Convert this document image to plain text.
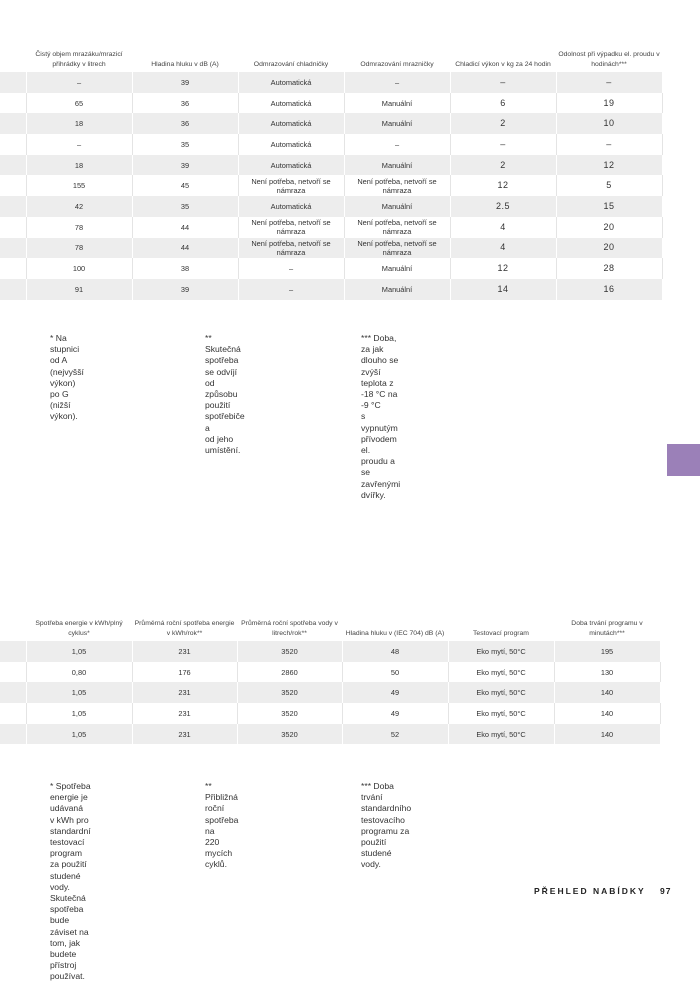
	Čistý objem mrazáku/mrazicí přihrádky v litrech	Hladina hluku v dB (A)	Odmrazování chladničky	Odmrazování mrazničky	Chladicí výkon v kg za 24 hodin	Odolnost při výpadku el. proudu v hodinách***
	–	39	Automatická	–	–	–
	65	36	Automatická	Manuální	6	19
	18	36	Automatická	Manuální	2	10
	–	35	Automatická	–	–	–
	18	39	Automatická	Manuální	2	12
	155	45	Není potřeba, netvoří se námraza	Není potřeba, netvoří se námraza	12	5
	42	35	Automatická	Manuální	2.5	15
	78	44	Není potřeba, netvoří se námraza	Není potřeba, netvoří se námraza	4	20
	78	44	Není potřeba, netvoří se námraza	Není potřeba, netvoří se námraza	4	20
	100	38	–	Manuální	12	28
	91	39	–	Manuální	14	16
* Na stupnici od A (nejvyšší
výkon) po G (nižší výkon).
** Skutečná spotřeba se odvíjí od
způsobu použití spotřebiče a
od jeho umístění.
*** Doba, za jak dlouho se zvýší
teplota z -18 °C na -9 °C
s vypnutým přívodem el.
proudu a se zavřenými
dvířky.
	Spotřeba energie v kWh/plný cyklus*	Průměrná roční spotřeba energie v kWh/rok**	Průměrná roční spotřeba vody v litrech/rok**	Hladina hluku v (IEC 704) dB (A)	Testovací program	Doba trvání programu v minutách***
	1,05	231	3520	48	Eko mytí, 50°C	195
	0,80	176	2860	50	Eko mytí, 50°C	130
	1,05	231	3520	49	Eko mytí, 50°C	140
	1,05	231	3520	49	Eko mytí, 50°C	140
	1,05	231	3520	52	Eko mytí, 50°C	140
* Spotřeba energie je udávaná
v kWh pro standardní
testovací program za použití
studené vody. Skutečná
spotřeba bude záviset na
tom, jak budete přístroj
používat.
** Přibližná roční spotřeba na
220 mycích cyklů.
*** Doba trvání standardního
testovacího programu za
použití studené vody.
PŘEHLED NABÍDKY 97
